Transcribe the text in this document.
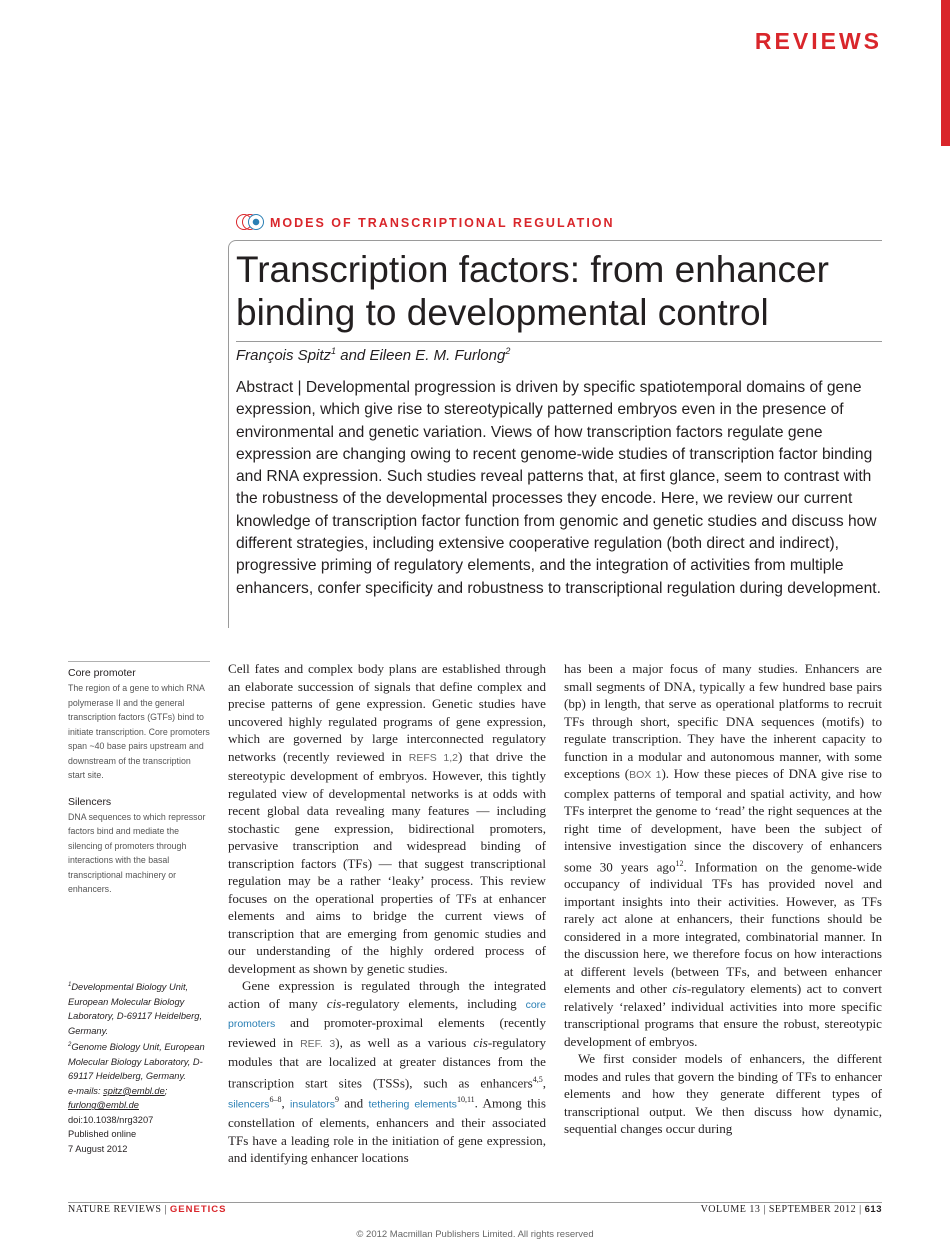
REVIEWS
MODES OF TRANSCRIPTIONAL REGULATION
Transcription factors: from enhancer binding to developmental control
François Spitz$^1$ and Eileen E. M. Furlong$^2$

Abstract | Developmental progression is driven by specific spatiotemporal domains of gene expression, which give rise to stereotypically patterned embryos even in the presence of environmental and genetic variation. Views of how transcription factors regulate gene expression are changing owing to recent genome-wide studies of transcription factor binding and RNA expression. Such studies reveal patterns that, at first glance, seem to contrast with the robustness of the developmental processes they encode. Here, we review our current knowledge of transcription factor function from genomic and genetic studies and discuss how different strategies, including extensive cooperative regulation (both direct and indirect), progressive priming of regulatory elements, and the integration of activities from multiple enhancers, confer specificity and robustness to transcriptional regulation during development.

Core promoter

The region of a gene to which RNA polymerase II and the general transcription factors (GTFs) bind to initiate transcription. Core promoters span ~40 base pairs upstream and downstream of the transcription start site.

Silencers

DNA sequences to which repressor factors bind and mediate the silencing of promoters through interactions with the basal transcriptional machinery or enhancers.

$^1$Developmental Biology Unit, European Molecular Biology Laboratory, D-69117 Heidelberg, Germany.
$^2$Genome Biology Unit, European Molecular Biology Laboratory, D-69117 Heidelberg, Germany.
e-mails: spitz@embl.de;
furlong@embl.de
doi:10.1038/nrg3207
Published online
7 August 2012

Cell fates and complex body plans are established through an elaborate succession of signals that define complex and precise patterns of gene expression. Genetic studies have uncovered highly regulated programs of gene expression, which are governed by large interconnected regulatory networks (recently reviewed in REFS 1,2) that drive the stereotypic development of embryos. However, this tightly regulated view of developmental networks is at odds with recent global data revealing many features — including stochastic gene expression, bidirectional promoters, pervasive transcription and widespread binding of transcription factors (TFs) — that suggest transcriptional regulation may be a rather ‘leaky’ process. This review focuses on the operational properties of TFs at enhancer elements and aims to bridge the current views of transcription that are emerging from genomic studies and our understanding of the highly ordered process of development as shown by genetic studies.

Gene expression is regulated through the integrated action of many cis-regulatory elements, including core promoters and promoter-proximal elements (recently reviewed in REF. 3), as well as a various cis-regulatory modules that are localized at greater distances from the transcription start sites (TSSs), such as enhancers$^{4,5}$, silencers$^{6-8}$, insulators$^9$ and tethering elements$^{10,11}$. Among this constellation of elements, enhancers and their associated TFs have a leading role in the initiation of gene expression, and identifying enhancer locations

has been a major focus of many studies. Enhancers are small segments of DNA, typically a few hundred base pairs (bp) in length, that serve as operational platforms to recruit TFs through short, specific DNA sequences (motifs) to regulate transcription. They have the inherent capacity to function in a modular and autonomous manner, with some exceptions (BOX 1). How these pieces of DNA give rise to complex patterns of temporal and spatial activity, and how TFs interpret the genome to ‘read’ the right sequences at the right time of development, have been the subject of intensive investigation since the discovery of enhancers some 30 years ago$^{12}$. Information on the genome-wide occupancy of individual TFs has provided novel and important insights into their activities. However, as TFs rarely act alone at enhancers, their functions should be considered in a more integrated, combinatorial manner. In the discussion here, we therefore focus on how interactions at different levels (between TFs, and between enhancer elements and other cis-regulatory elements) act to convert relatively ‘relaxed’ individual activities into more specific transcriptional programs that ensure the robust, stereotypic development of embryos.

We first consider models of enhancers, the different modes and rules that govern the binding of TFs to enhancer elements and how they generate different types of transcriptional output. We then discuss how dynamic, sequential changes occur during

NATURE REVIEWS | GENETICS	VOLUME 13 | SEPTEMBER 2012 | 613
© 2012 Macmillan Publishers Limited. All rights reserved
